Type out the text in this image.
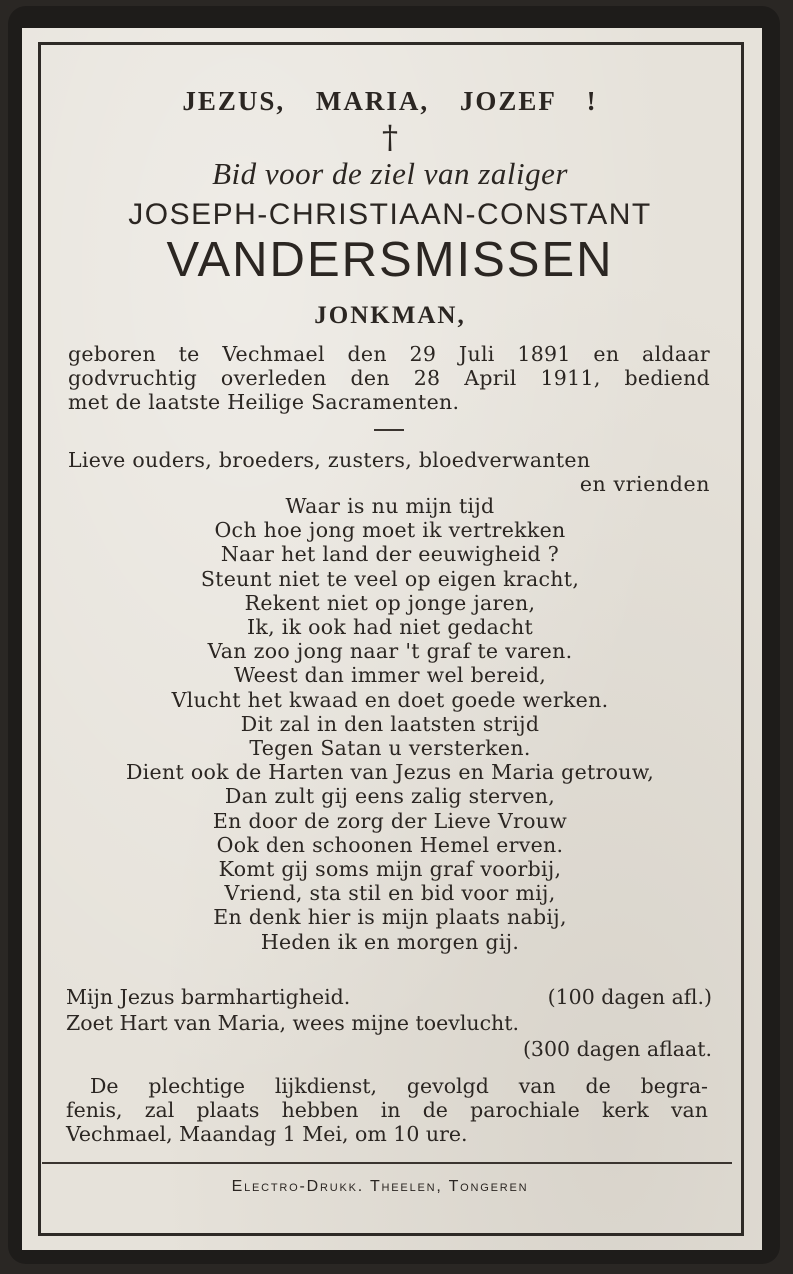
JEZUS, MARIA, JOZEF !
†
Bid voor de ziel van zaliger
JOSEPH-CHRISTIAAN-CONSTANT
VANDERSMISSEN
JONKMAN,
geboren te Vechmael den 29 Juli 1891 en aldaar
godvruchtig overleden den 28 April 1911, bediend
met de laatste Heilige Sacramenten.
Lieve ouders, broeders, zusters, bloedverwanten
en vrienden
Waar is nu mijn tijd
Och hoe jong moet ik vertrekken
Naar het land der eeuwigheid ?
Steunt niet te veel op eigen kracht,
Rekent niet op jonge jaren,
Ik, ik ook had niet gedacht
Van zoo jong naar 't graf te varen.
Weest dan immer wel bereid,
Vlucht het kwaad en doet goede werken.
Dit zal in den laatsten strijd
Tegen Satan u versterken.
Dient ook de Harten van Jezus en Maria getrouw,
Dan zult gij eens zalig sterven,
En door de zorg der Lieve Vrouw
Ook den schoonen Hemel erven.
Komt gij soms mijn graf voorbij,
Vriend, sta stil en bid voor mij,
En denk hier is mijn plaats nabij,
Heden ik en morgen gij.
Mijn Jezus barmhartigheid.	(100 dagen afl.)
Zoet Hart van Maria, wees mijne toevlucht.
(300 dagen aflaat.
De plechtige lijkdienst, gevolgd van de begra-
fenis, zal plaats hebben in de parochiale kerk van
Vechmael, Maandag 1 Mei, om 10 ure.
Electro-Drukk. Theelen, Tongeren
